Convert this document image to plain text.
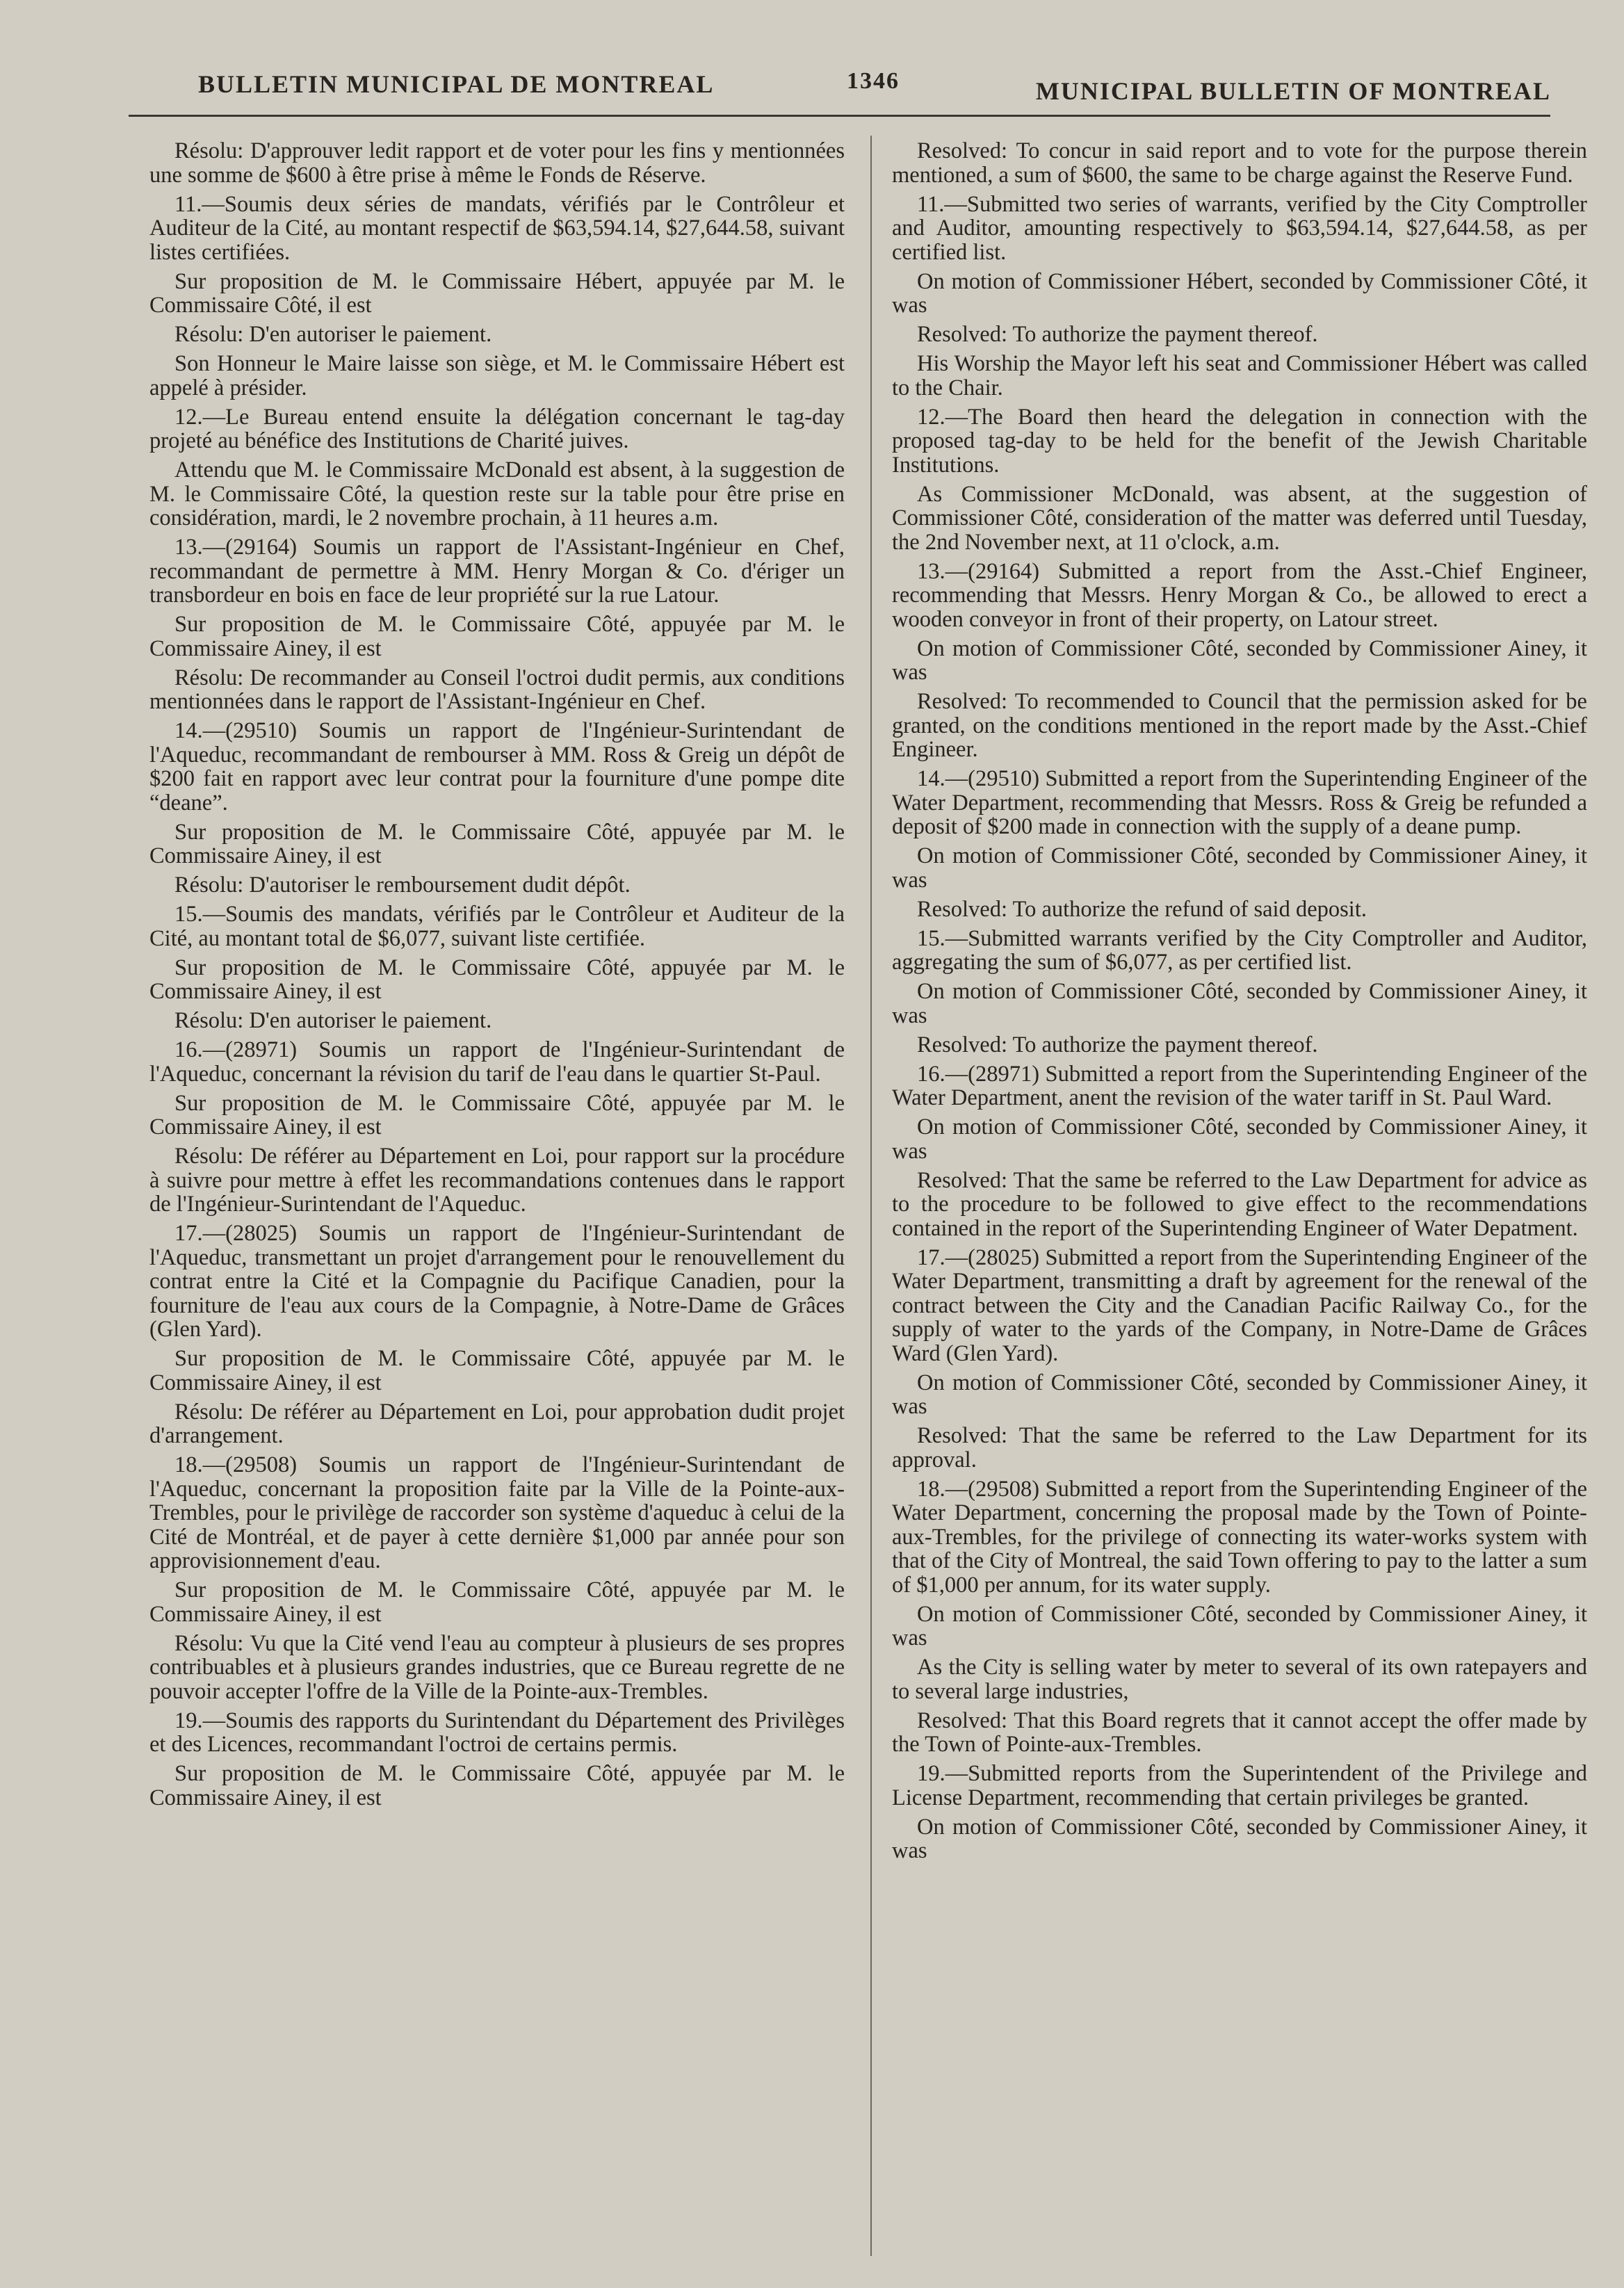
BULLETIN MUNICIPAL DE MONTREAL	1346	MUNICIPAL BULLETIN OF MONTREAL

Résolu: D'approuver ledit rapport et de voter pour les fins y mentionnées une somme de $600 à être prise à même le Fonds de Réserve.

11.—Soumis deux séries de mandats, vérifiés par le Contrôleur et Auditeur de la Cité, au montant respectif de $63,594.14, $27,644.58, suivant listes certifiées.

Sur proposition de M. le Commissaire Hébert, appuyée par M. le Commissaire Côté, il est

Résolu: D'en autoriser le paiement.

Son Honneur le Maire laisse son siège, et M. le Commissaire Hébert est appelé à présider.

12.—Le Bureau entend ensuite la délégation concernant le tag-day projeté au bénéfice des Institutions de Charité juives.

Attendu que M. le Commissaire McDonald est absent, à la suggestion de M. le Commissaire Côté, la question reste sur la table pour être prise en considération, mardi, le 2 novembre prochain, à 11 heures a.m.

13.—(29164) Soumis un rapport de l'Assistant-Ingénieur en Chef, recommandant de permettre à MM. Henry Morgan & Co. d'ériger un transbordeur en bois en face de leur propriété sur la rue Latour.

Sur proposition de M. le Commissaire Côté, appuyée par M. le Commissaire Ainey, il est

Résolu: De recommander au Conseil l'octroi dudit permis, aux conditions mentionnées dans le rapport de l'Assistant-Ingénieur en Chef.

14.—(29510) Soumis un rapport de l'Ingénieur-Surintendant de l'Aqueduc, recommandant de rembourser à MM. Ross & Greig un dépôt de $200 fait en rapport avec leur contrat pour la fourniture d'une pompe dite “deane”.

Sur proposition de M. le Commissaire Côté, appuyée par M. le Commissaire Ainey, il est

Résolu: D'autoriser le remboursement dudit dépôt.

15.—Soumis des mandats, vérifiés par le Contrôleur et Auditeur de la Cité, au montant total de $6,077, suivant liste certifiée.

Sur proposition de M. le Commissaire Côté, appuyée par M. le Commissaire Ainey, il est

Résolu: D'en autoriser le paiement.

16.—(28971) Soumis un rapport de l'Ingénieur-Surintendant de l'Aqueduc, concernant la révision du tarif de l'eau dans le quartier St-Paul.

Sur proposition de M. le Commissaire Côté, appuyée par M. le Commissaire Ainey, il est

Résolu: De référer au Département en Loi, pour rapport sur la procédure à suivre pour mettre à effet les recommandations contenues dans le rapport de l'Ingénieur-Surintendant de l'Aqueduc.

17.—(28025) Soumis un rapport de l'Ingénieur-Surintendant de l'Aqueduc, transmettant un projet d'arrangement pour le renouvellement du contrat entre la Cité et la Compagnie du Pacifique Canadien, pour la fourniture de l'eau aux cours de la Compagnie, à Notre-Dame de Grâces (Glen Yard).

Sur proposition de M. le Commissaire Côté, appuyée par M. le Commissaire Ainey, il est

Résolu: De référer au Département en Loi, pour approbation dudit projet d'arrangement.

18.—(29508) Soumis un rapport de l'Ingénieur-Surintendant de l'Aqueduc, concernant la proposition faite par la Ville de la Pointe-aux-Trembles, pour le privilège de raccorder son système d'aqueduc à celui de la Cité de Montréal, et de payer à cette dernière $1,000 par année pour son approvisionnement d'eau.

Sur proposition de M. le Commissaire Côté, appuyée par M. le Commissaire Ainey, il est

Résolu: Vu que la Cité vend l'eau au compteur à plusieurs de ses propres contribuables et à plusieurs grandes industries, que ce Bureau regrette de ne pouvoir accepter l'offre de la Ville de la Pointe-aux-Trembles.

19.—Soumis des rapports du Surintendant du Département des Privilèges et des Licences, recommandant l'octroi de certains permis.

Sur proposition de M. le Commissaire Côté, appuyée par M. le Commissaire Ainey, il est

Resolved: To concur in said report and to vote for the purpose therein mentioned, a sum of $600, the same to be charge against the Reserve Fund.

11.—Submitted two series of warrants, verified by the City Comptroller and Auditor, amounting respectively to $63,594.14, $27,644.58, as per certified list.

On motion of Commissioner Hébert, seconded by Commissioner Côté, it was

Resolved: To authorize the payment thereof.

His Worship the Mayor left his seat and Commissioner Hébert was called to the Chair.

12.—The Board then heard the delegation in connection with the proposed tag-day to be held for the benefit of the Jewish Charitable Institutions.

As Commissioner McDonald, was absent, at the suggestion of Commissioner Côté, consideration of the matter was deferred until Tuesday, the 2nd November next, at 11 o'clock, a.m.

13.—(29164) Submitted a report from the Asst.-Chief Engineer, recommending that Messrs. Henry Morgan & Co., be allowed to erect a wooden conveyor in front of their property, on Latour street.

On motion of Commissioner Côté, seconded by Commissioner Ainey, it was

Resolved: To recommended to Council that the permission asked for be granted, on the conditions mentioned in the report made by the Asst.-Chief Engineer.

14.—(29510) Submitted a report from the Superintending Engineer of the Water Department, recommending that Messrs. Ross & Greig be refunded a deposit of $200 made in connection with the supply of a deane pump.

On motion of Commissioner Côté, seconded by Commissioner Ainey, it was

Resolved: To authorize the refund of said deposit.

15.—Submitted warrants verified by the City Comptroller and Auditor, aggregating the sum of $6,077, as per certified list.

On motion of Commissioner Côté, seconded by Commissioner Ainey, it was

Resolved: To authorize the payment thereof.

16.—(28971) Submitted a report from the Superintending Engineer of the Water Department, anent the revision of the water tariff in St. Paul Ward.

On motion of Commissioner Côté, seconded by Commissioner Ainey, it was

Resolved: That the same be referred to the Law Department for advice as to the procedure to be followed to give effect to the recommendations contained in the report of the Superintending Engineer of Water Depatment.

17.—(28025) Submitted a report from the Superintending Engineer of the Water Department, transmitting a draft by agreement for the renewal of the contract between the City and the Canadian Pacific Railway Co., for the supply of water to the yards of the Company, in Notre-Dame de Grâces Ward (Glen Yard).

On motion of Commissioner Côté, seconded by Commissioner Ainey, it was

Resolved: That the same be referred to the Law Department for its approval.

18.—(29508) Submitted a report from the Superintending Engineer of the Water Department, concerning the proposal made by the Town of Pointe-aux-Trembles, for the privilege of connecting its water-works system with that of the City of Montreal, the said Town offering to pay to the latter a sum of $1,000 per annum, for its water supply.

On motion of Commissioner Côté, seconded by Commissioner Ainey, it was

As the City is selling water by meter to several of its own ratepayers and to several large industries,

Resolved: That this Board regrets that it cannot accept the offer made by the Town of Pointe-aux-Trembles.

19.—Submitted reports from the Superintendent of the Privilege and License Department, recommending that certain privileges be granted.

On motion of Commissioner Côté, seconded by Commissioner Ainey, it was
